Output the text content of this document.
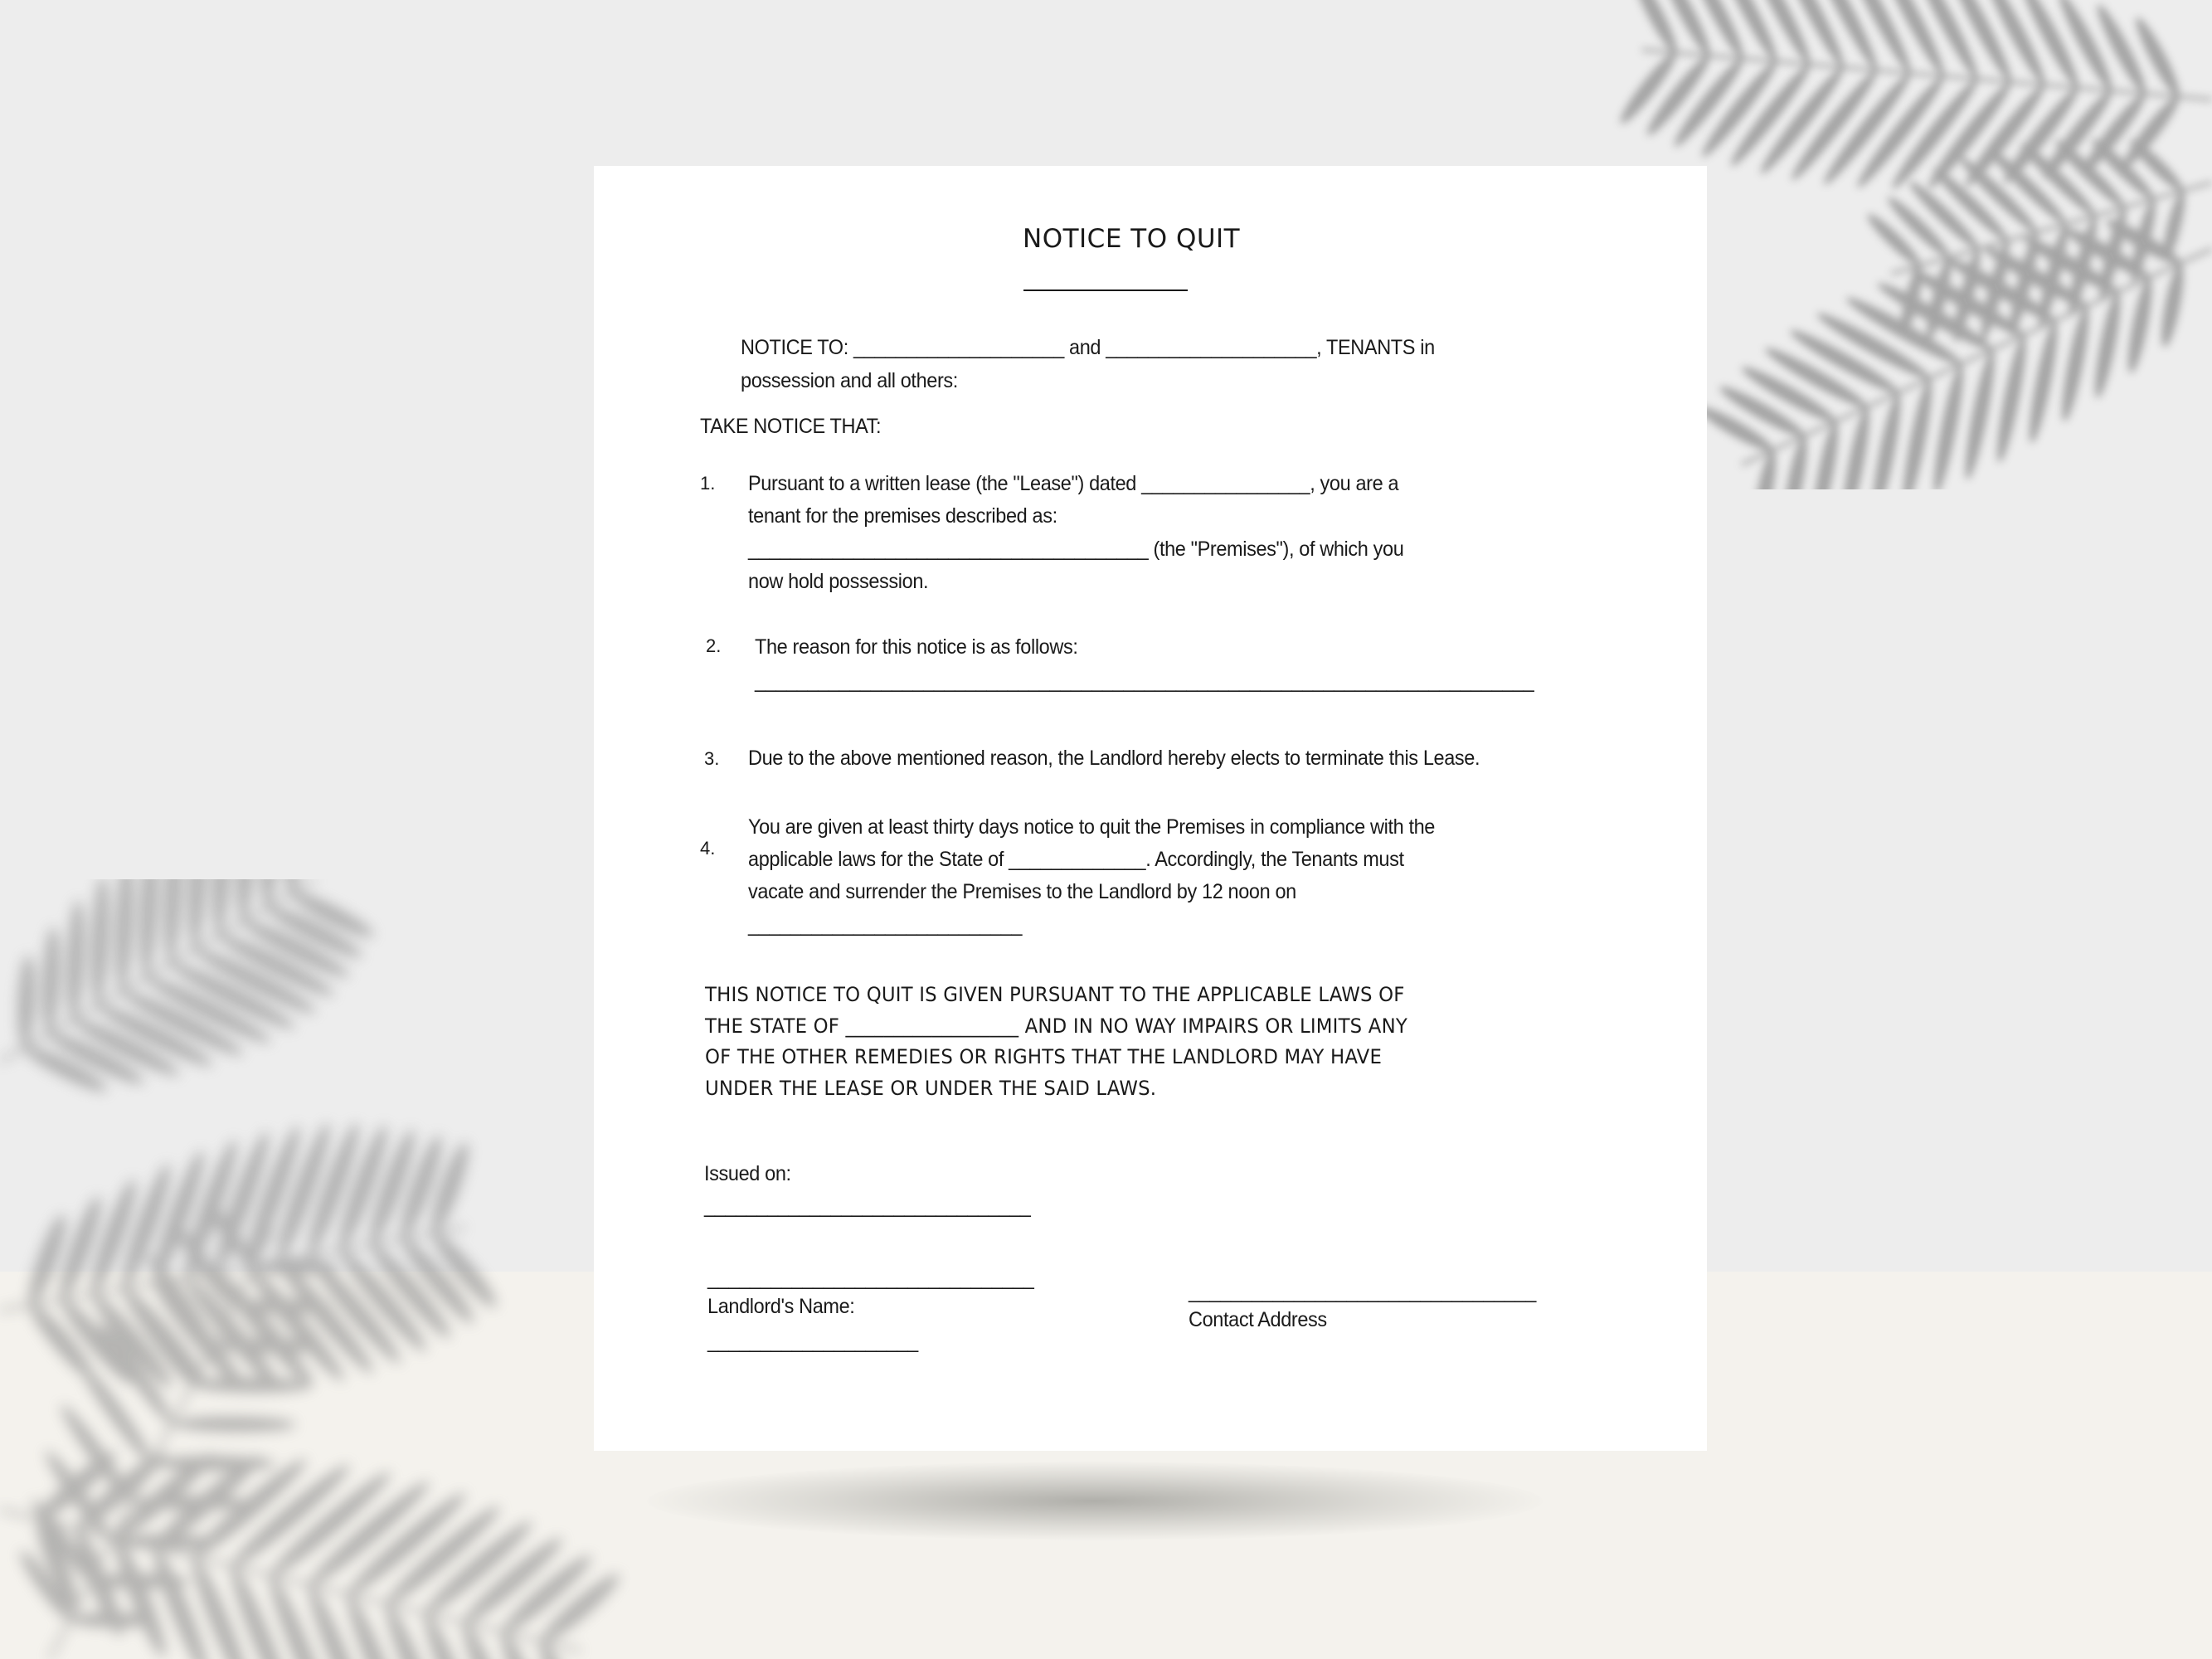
NOTICE TO QUIT
NOTICE TO: ____________________ and ____________________, TENANTS in
possession and all others:
TAKE NOTICE THAT:
1. Pursuant to a written lease (the "Lease") dated ________________, you are a
tenant for the premises described as:
______________________________________ (the "Premises"), of which you
now hold possession.
2. The reason for this notice is as follows:
__________________________________________________________________________
3. Due to the above mentioned reason, the Landlord hereby elects to terminate this Lease.
4.
You are given at least thirty days notice to quit the Premises in compliance with the
applicable laws for the State of _____________. Accordingly, the Tenants must
vacate and surrender the Premises to the Landlord by 12 noon on
__________________________
THIS NOTICE TO QUIT IS GIVEN PURSUANT TO THE APPLICABLE LAWS OF
THE STATE OF __________________ AND IN NO WAY IMPAIRS OR LIMITS ANY
OF THE OTHER REMEDIES OR RIGHTS THAT THE LANDLORD MAY HAVE
UNDER THE LEASE OR UNDER THE SAID LAWS.
Issued on:
_______________________________
_______________________________
Landlord's Name:
____________________
_________________________________
Contact Address
